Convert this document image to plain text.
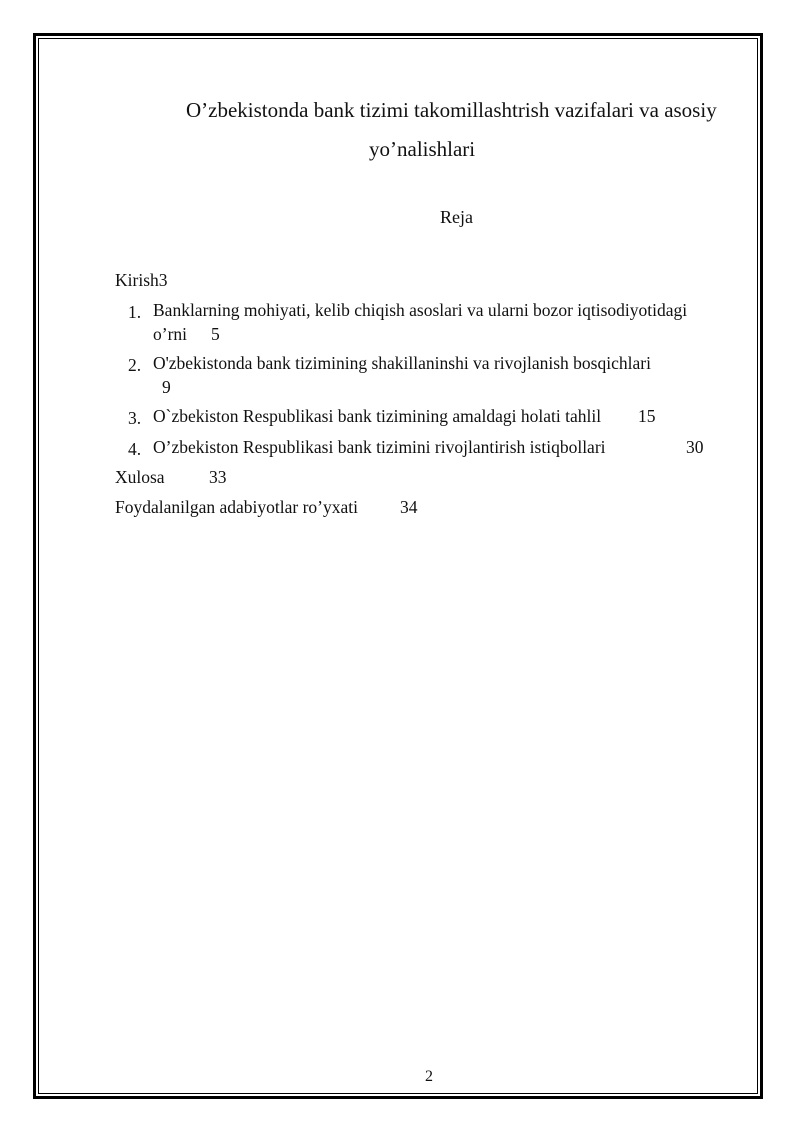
O’zbekistonda bank tizimi takomillashtrish vazifalari va asosiy
yo’nalishlari
Reja
Kirish3
1. Banklarning mohiyati, kelib chiqish asoslari va ularni bozor iqtisodiyotidagi
o’rni 5
2. O'zbekistonda bank tizimining shakillaninshi va rivojlanish bosqichlari
9
3. O`zbekiston Respublikasi bank tizimining amaldagi holati tahlil 15
4. O’zbekiston Respublikasi bank tizimini rivojlantirish istiqbollari	30
Xulosa	33
Foydalanilgan adabiyotlar ro’yxati 34
2
